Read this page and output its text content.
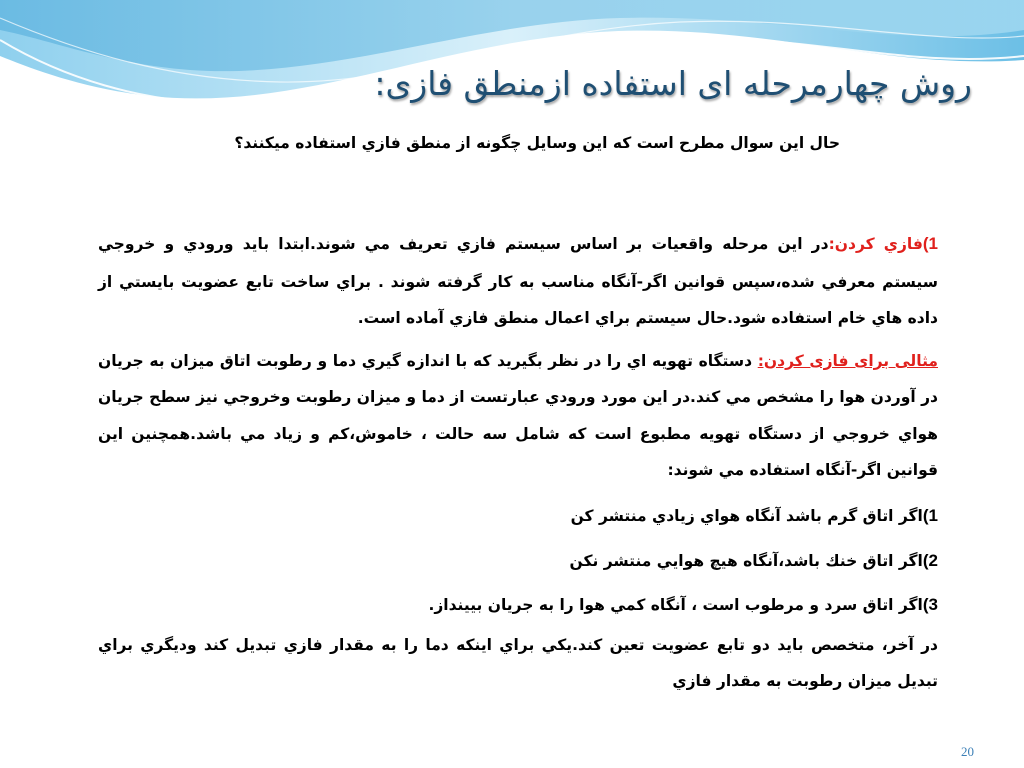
روش چهارمرحله ای استفاده ازمنطق فازی:
حال این سوال مطرح است که این وسایل چگونه از منطق فازي استفاده میکنند؟

1)فازي كردن:در اين مرحله واقعيات بر اساس سيستم فازي تعريف مي شوند.ابتدا بايد ورودي و خروجي سيستم معرفي شده،سپس قوانين اگر-آنگاه مناسب به کار گرفته شوند . براي ساخت تابع عضويت بايستي از داده هاي خام استفاده شود.حال سيستم براي اعمال منطق فازي آماده است.

مثالی برای فازی کردن: دستگاه تهويه اي را در نظر بگيريد كه با اندازه گيري دما و رطوبت اتاق ميزان به جريان در آوردن هوا را مشخص مي كند.در اين مورد ورودي عبارتست از دما و ميزان رطوبت وخروجي نيز سطح جريان هواي خروجي از دستگاه تهويه مطبوع است كه شامل سه حالت ، خاموش،کم و زياد مي باشد.همچنين اين قوانين اگر-آنگاه استفاده مي شوند:

1)اگر اتاق گرم باشد آنگاه هواي زيادي منتشر کن

2)اگر اتاق خنك باشد،آنگاه هيچ هوايي منتشر نكن

3)اگر اتاق سرد و مرطوب است ، آنگاه كمي هوا را به جريان بيينداز.

در آخر، متخصص بايد دو تابع عضويت تعين كند.يكي براي اينكه دما را به مقدار فازي تبديل كند وديگري براي تبديل ميزان رطوبت به مقدار فازي

20
